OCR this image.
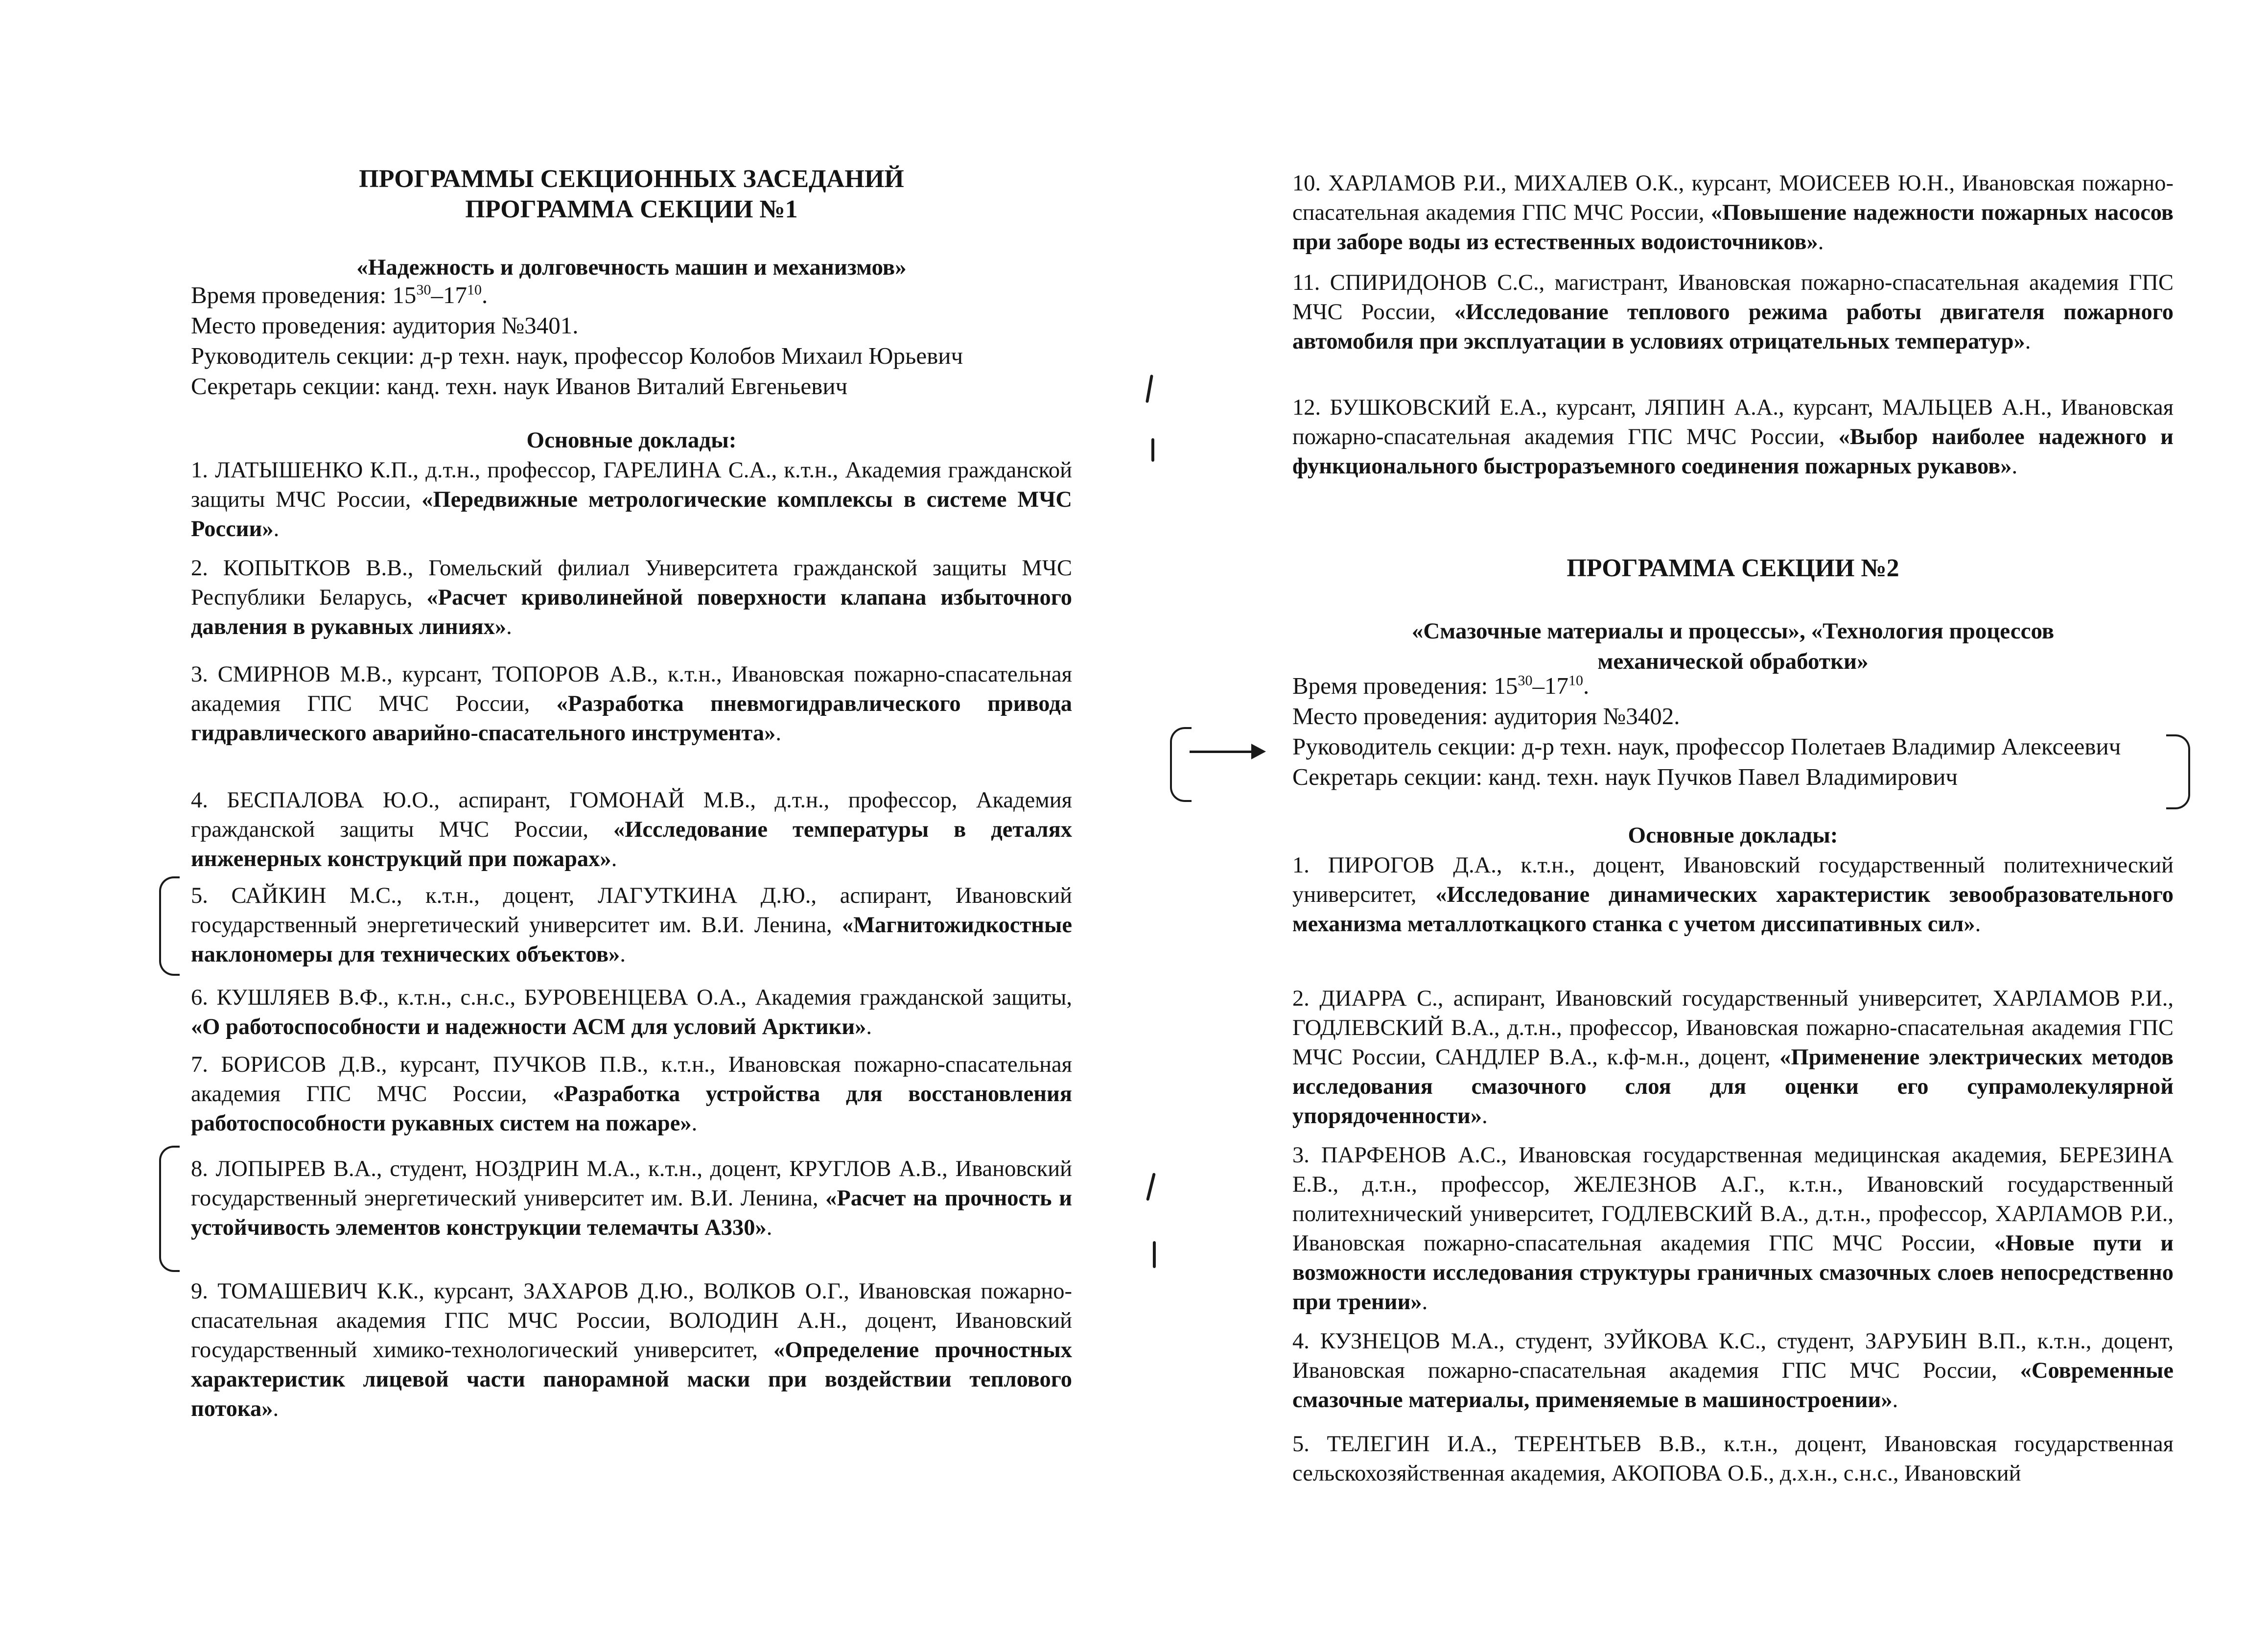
ПРОГРАММЫ СЕКЦИОННЫХ ЗАСЕДАНИЙ
ПРОГРАММА СЕКЦИИ №1
«Надежность и долговечность машин и механизмов»
Время проведения: $15^{30}-17^{10}$.
Место проведения: аудитория №3401.
Руководитель секции: д-р техн. наук, профессор Колобов Михаил Юрьевич
Секретарь секции: канд. техн. наук Иванов Виталий Евгеньевич
Основные доклады:
1. ЛАТЫШЕНКО К.П., д.т.н., профессор, ГАРЕЛИНА С.А., к.т.н., Академия гражданской защиты МЧС России, «Передвижные метрологические комплексы в системе МЧС России».
2. КОПЫТКОВ В.В., Гомельский филиал Университета гражданской защиты МЧС Республики Беларусь, «Расчет криволинейной поверхности клапана избыточного давления в рукавных линиях».
3. СМИРНОВ М.В., курсант, ТОПОРОВ А.В., к.т.н., Ивановская пожарно-спасательная академия ГПС МЧС России, «Разработка пневмогидравлического привода гидравлического аварийно-спасательного инструмента».
4. БЕСПАЛОВА Ю.О., аспирант, ГОМОНАЙ М.В., д.т.н., профессор, Академия гражданской защиты МЧС России, «Исследование температуры в деталях инженерных конструкций при пожарах».
5. САЙКИН М.С., к.т.н., доцент, ЛАГУТКИНА Д.Ю., аспирант, Ивановский государственный энергетический университет им. В.И. Ленина, «Магнитожидкостные наклономеры для технических объектов».
6. КУШЛЯЕВ В.Ф., к.т.н., с.н.с., БУРОВЕНЦЕВА О.А., Академия гражданской защиты, «О работоспособности и надежности АСМ для условий Арктики».
7. БОРИСОВ Д.В., курсант, ПУЧКОВ П.В., к.т.н., Ивановская пожарно-спасательная академия ГПС МЧС России, «Разработка устройства для восстановления работоспособности рукавных систем на пожаре».
8. ЛОПЫРЕВ В.А., студент, НОЗДРИН М.А., к.т.н., доцент, КРУГЛОВ А.В., Ивановский государственный энергетический университет им. В.И. Ленина, «Расчет на прочность и устойчивость элементов конструкции телемачты А330».
9. ТОМАШЕВИЧ К.К., курсант, ЗАХАРОВ Д.Ю., ВОЛКОВ О.Г., Ивановская пожарно-спасательная академия ГПС МЧС России, ВОЛОДИН А.Н., доцент, Ивановский государственный химико-технологический университет, «Определение прочностных характеристик лицевой части панорамной маски при воздействии теплового потока».
10. ХАРЛАМОВ Р.И., МИХАЛЕВ О.К., курсант, МОИСЕЕВ Ю.Н., Ивановская пожарно-спасательная академия ГПС МЧС России, «Повышение надежности пожарных насосов при заборе воды из естественных водоисточников».
11. СПИРИДОНОВ С.С., магистрант, Ивановская пожарно-спасательная академия ГПС МЧС России, «Исследование теплового режима работы двигателя пожарного автомобиля при эксплуатации в условиях отрицательных температур».
12. БУШКОВСКИЙ Е.А., курсант, ЛЯПИН А.А., курсант, МАЛЬЦЕВ А.Н., Ивановская пожарно-спасательная академия ГПС МЧС России, «Выбор наиболее надежного и функционального быстроразъемного соединения пожарных рукавов».
ПРОГРАММА СЕКЦИИ №2
«Смазочные материалы и процессы», «Технология процессов
механической обработки»
Время проведения: $15^{30}-17^{10}$.
Место проведения: аудитория №3402.
Руководитель секции: д-р техн. наук, профессор Полетаев Владимир Алексеевич
Секретарь секции: канд. техн. наук Пучков Павел Владимирович
Основные доклады:
1. ПИРОГОВ Д.А., к.т.н., доцент, Ивановский государственный политехнический университет, «Исследование динамических характеристик зевообразовательного механизма металлоткацкого станка с учетом диссипативных сил».
2. ДИАРРА С., аспирант, Ивановский государственный университет, ХАРЛАМОВ Р.И., ГОДЛЕВСКИЙ В.А., д.т.н., профессор, Ивановская пожарно-спасательная академия ГПС МЧС России, САНДЛЕР В.А., к.ф-м.н., доцент, «Применение электрических методов исследования смазочного слоя для оценки его супрамолекулярной упорядоченности».
3. ПАРФЕНОВ А.С., Ивановская государственная медицинская академия, БЕРЕЗИНА Е.В., д.т.н., профессор, ЖЕЛЕЗНОВ А.Г., к.т.н., Ивановский государственный политехнический университет, ГОДЛЕВСКИЙ В.А., д.т.н., профессор, ХАРЛАМОВ Р.И., Ивановская пожарно-спасательная академия ГПС МЧС России, «Новые пути и возможности исследования структуры граничных смазочных слоев непосредственно при трении».
4. КУЗНЕЦОВ М.А., студент, ЗУЙКОВА К.С., студент, ЗАРУБИН В.П., к.т.н., доцент, Ивановская пожарно-спасательная академия ГПС МЧС России, «Современные смазочные материалы, применяемые в машиностроении».
5. ТЕЛЕГИН И.А., ТЕРЕНТЬЕВ В.В., к.т.н., доцент, Ивановская государственная сельскохозяйственная академия, АКОПОВА О.Б., д.х.н., с.н.с., Ивановский
